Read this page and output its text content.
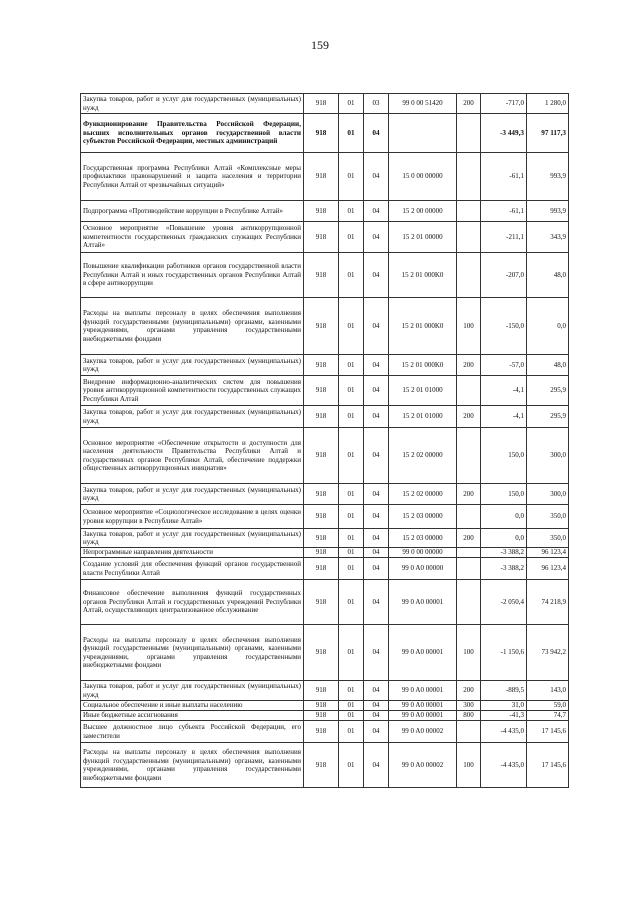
159
Закупка товаров, работ и услуг для государственных (муниципальных) нужд	918	01	03	99 0 00 51420	200	-717,0	1 280,0
Функционирование Правительства Российской Федерации, высших исполнительных органов государственной власти субъектов Российской Федерации, местных администраций	918	01	04			-3 449,3	97 117,3
Государственная программа Республики Алтай «Комплексные меры профилактики правонарушений и защита населения и территории Республики Алтай от чрезвычайных ситуаций»	918	01	04	15 0 00 00000		-61,1	993,9
Подпрограмма «Противодействие коррупции в Республике Алтай»	918	01	04	15 2 00 00000		-61,1	993,9
Основное мероприятие «Повышение уровня антикоррупционной компетентности государственных гражданских служащих Республики Алтай»	918	01	04	15 2 01 00000		-211,1	343,9
Повышение квалификации работников органов государственной власти Республики Алтай и иных государственных органов Республики Алтай в сфере антикоррупции	918	01	04	15 2 01 000K0		-207,0	48,0
Расходы на выплаты персоналу в целях обеспечения выполнения функций государственными (муниципальными) органами, казенными учреждениями, органами управления государственными внебюджетными фондами	918	01	04	15 2 01 000K0	100	-150,0	0,0
Закупка товаров, работ и услуг для государственных (муниципальных) нужд	918	01	04	15 2 01 000K0	200	-57,0	48,0
Внедрение информационно-аналитических систем для повышения уровня антикоррупционной компетентности государственных служащих Республики Алтай	918	01	04	15 2 01 01000		-4,1	295,9
Закупка товаров, работ и услуг для государственных (муниципальных) нужд	918	01	04	15 2 01 01000	200	-4,1	295,9
Основное мероприятие «Обеспечение открытости и доступности для населения деятельности Правительства Республики Алтай и государственных органов Республики Алтай, обеспечение поддержки общественных антикоррупционных инициатив»	918	01	04	15 2 02 00000		150,0	300,0
Закупка товаров, работ и услуг для государственных (муниципальных) нужд	918	01	04	15 2 02 00000	200	150,0	300,0
Основное мероприятие «Социологическое исследование в целях оценки уровня коррупции в Республике Алтай»	918	01	04	15 2 03 00000		0,0	350,0
Закупка товаров, работ и услуг для государственных (муниципальных) нужд	918	01	04	15 2 03 00000	200	0,0	350,0
Непрограммные направления деятельности	918	01	04	99 0 00 00000		-3 388,2	96 123,4
Создание условий для обеспечения функций органов государственной власти Республики Алтай	918	01	04	99 0 A0 00000		-3 388,2	96 123,4
Финансовое обеспечение выполнения функций государственных органов Республики Алтай и государственных учреждений Республики Алтай, осуществляющих централизованное обслуживание	918	01	04	99 0 A0 00001		-2 050,4	74 218,9
Расходы на выплаты персоналу в целях обеспечения выполнения функций государственными (муниципальными) органами, казенными учреждениями, органами управления государственными внебюджетными фондами	918	01	04	99 0 A0 00001	100	-1 150,6	73 942,2
Закупка товаров, работ и услуг для государственных (муниципальных) нужд	918	01	04	99 0 A0 00001	200	-889,5	143,0
Социальное обеспечение и иные выплаты населению	918	01	04	99 0 A0 00001	300	31,0	59,0
Иные бюджетные ассигнования	918	01	04	99 0 A0 00001	800	-41,3	74,7
Высшее должностное лицо субъекта Российской Федерации, его заместители	918	01	04	99 0 A0 00002		-4 435,0	17 145,6
Расходы на выплаты персоналу в целях обеспечения выполнения функций государственными (муниципальными) органами, казенными учреждениями, органами управления государственными внебюджетными фондами	918	01	04	99 0 A0 00002	100	-4 435,0	17 145,6
